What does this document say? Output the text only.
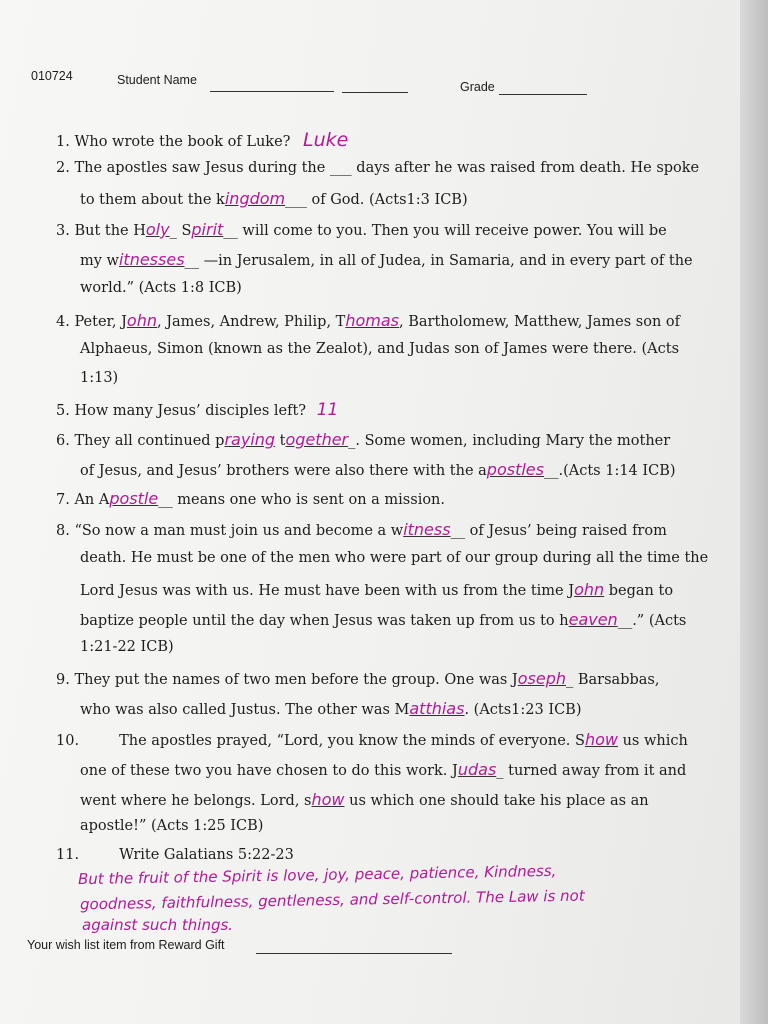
010724	Student Name	Grade
1. Who wrote the book of Luke? Luke
2. The apostles saw Jesus during the ___ days after he was raised from death. He spoke
to them about the kingdom___ of God. (Acts1:3 ICB)
3. But the Holy_ Spirit__ will come to you. Then you will receive power. You will be
my witnesses__ —in Jerusalem, in all of Judea, in Samaria, and in every part of the
world.” (Acts 1:8 ICB)
4. Peter, John, James, Andrew, Philip, Thomas, Bartholomew, Matthew, James son of
Alphaeus, Simon (known as the Zealot), and Judas son of James were there. (Acts
1:13)
5. How many Jesus’ disciples left? 11
6. They all continued praying together_. Some women, including Mary the mother
of Jesus, and Jesus’ brothers were also there with the apostles__.(Acts 1:14 ICB)
7. An Apostle__ means one who is sent on a mission.
8. “So now a man must join us and become a witness__ of Jesus’ being raised from
death. He must be one of the men who were part of our group during all the time the
Lord Jesus was with us. He must have been with us from the time John began to
baptize people until the day when Jesus was taken up from us to heaven__.” (Acts
1:21-22 ICB)
9. They put the names of two men before the group. One was Joseph_ Barsabbas,
who was also called Justus. The other was Matthias. (Acts1:23 ICB)
10.	The apostles prayed, “Lord, you know the minds of everyone. Show us which
one of these two you have chosen to do this work. Judas_ turned away from it and
went where he belongs. Lord, show us which one should take his place as an
apostle!” (Acts 1:25 ICB)
11.	Write Galatians 5:22-23
But the fruit of the Spirit is love, joy, peace, patience, Kindness,
goodness, faithfulness, gentleness, and self-control. The Law is not
against such things.
Your wish list item from Reward Gift
